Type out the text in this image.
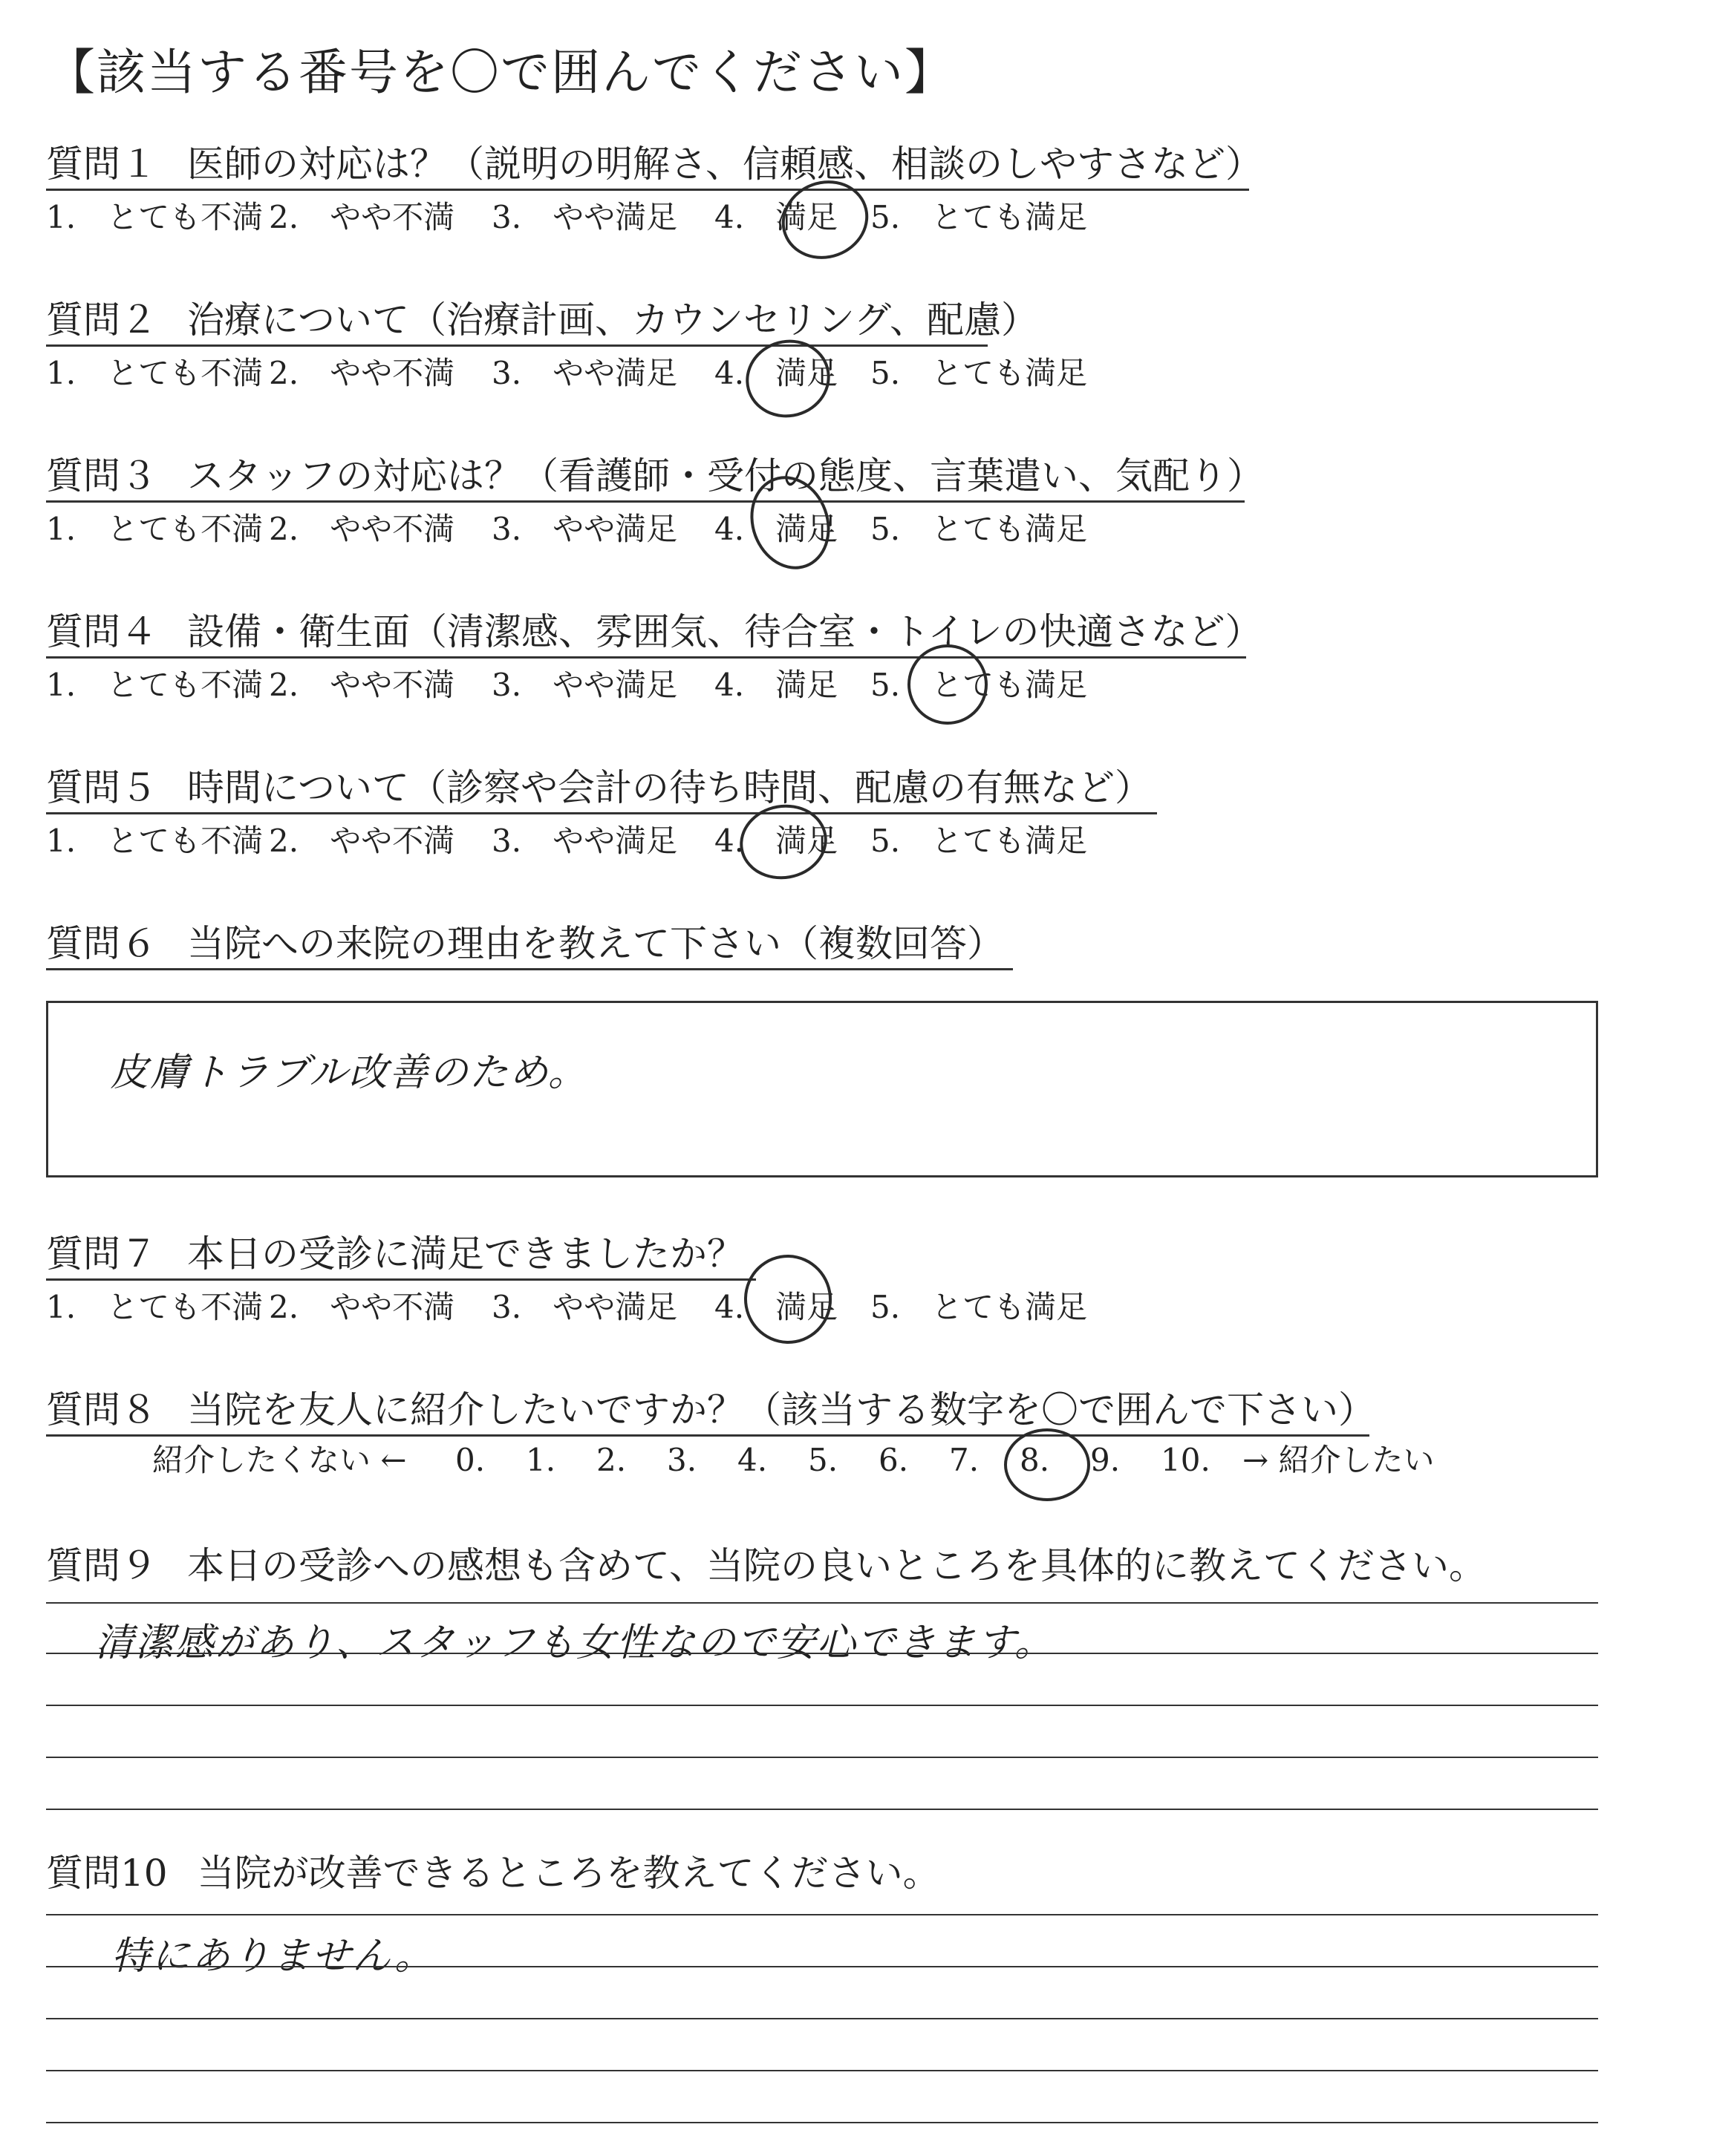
【該当する番号を〇で囲んでください】
質問１ 医師の対応は？（説明の明解さ、信頼感、相談のしやすさなど）
1.　とても不満 2.　やや不満 3.　やや満足 4.　満足 5.　とても満足
質問２ 治療について（治療計画、カウンセリング、配慮）
1.　とても不満 2.　やや不満 3.　やや満足 4.　満足 5.　とても満足
質問３ スタッフの対応は？（看護師・受付の態度、言葉遣い、気配り）
1.　とても不満 2.　やや不満 3.　やや満足 4.　満足 5.　とても満足
質問４ 設備・衛生面（清潔感、雰囲気、待合室・トイレの快適さなど）
1.　とても不満 2.　やや不満 3.　やや満足 4.　満足 5.　とても満足
質問５ 時間について（診察や会計の待ち時間、配慮の有無など）
1.　とても不満 2.　やや不満 3.　やや満足 4.　満足 5.　とても満足
質問６ 当院への来院の理由を教えて下さい（複数回答）
皮膚トラブル改善のため。
質問７ 本日の受診に満足できましたか？
1.　とても不満 2.　やや不満 3.　やや満足 4.　満足 5.　とても満足
質問８ 当院を友人に紹介したいですか？（該当する数字を〇で囲んで下さい）
紹介したくない ← 0. 1. 2. 3. 4. 5. 6. 7. 8. 9. 10. → 紹介したい
質問９ 本日の受診への感想も含めて、当院の良いところを具体的に教えてください。
清潔感があり、スタッフも女性なので安心できます。
質問10 当院が改善できるところを教えてください。
特にありません。
